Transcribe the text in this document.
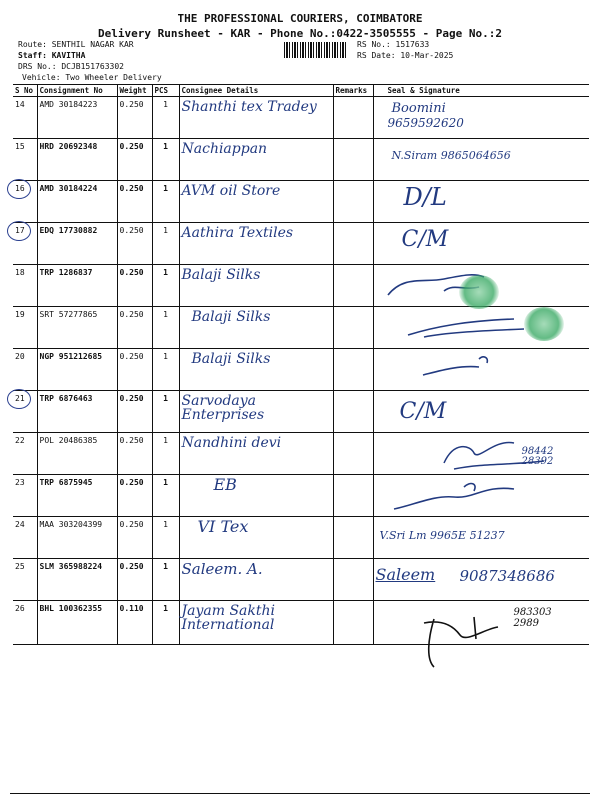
THE PROFESSIONAL COURIERS, COIMBATORE
Delivery Runsheet - KAR - Phone No.:0422-3505555 - Page No.:2
Route: SENTHIL NAGAR KAR
Staff: KAVITHA
DRS No.: DCJB151763302
Vehicle: Two Wheeler Delivery
RS No.: 1517633
RS Date: 10-Mar-2025
S No	Consignment No	Weight	PCS	Consignee Details	Remarks	Seal & Signature
14	AMD 30184223	0.250	1	Shanthi tex Tradey		Boomini
9659592620

15	HRD 20692348	0.250	1	Nachiappan		N.Siram 9865064656

16	AMD 30184224	0.250	1	AVM oil Store		D/L

17	EDQ 17730882	0.250	1	Aathira Textiles		C/M

18	TRP 1286837	0.250	1	Balaji Silks		

19	SRT 57277865	0.250	1	Balaji Silks		

20	NGP 951212685	0.250	1	Balaji Silks		

21	TRP 6876463	0.250	1	Sarvodaya Enterprises		C/M

22	POL 20486385	0.250	1	Nandhini devi		98442 28392

23	TRP 6875945	0.250	1	EB		

24	MAA 303204399	0.250	1	VI Tex		V.Sri Lm 9965E 51237

25	SLM 365988224	0.250	1	Saleem. A.		Saleem 9087348686

26	BHL 100362355	0.110	1	Jayam Sakthi International		983303 2989
